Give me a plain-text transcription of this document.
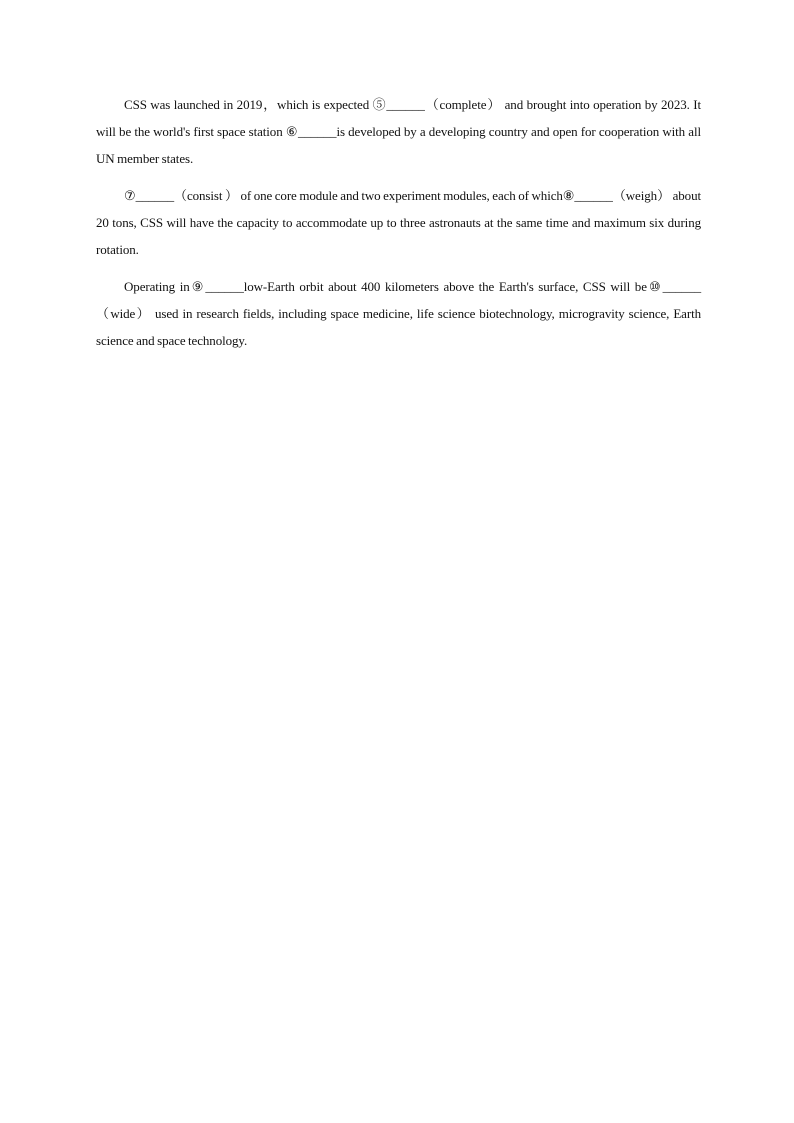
CSS was launched in 2019，which is expected ⑤______（complete） and brought into operation by 2023. It will be the world's first space station ⑥______is developed by a developing country and open for cooperation with all UN member states.

⑦______（consist ） of one core module and two experiment modules, each of which⑧______（weigh） about 20 tons, CSS will have the capacity to accommodate up to three astronauts at the same time and maximum six during rotation.

Operating in⑨______low-Earth orbit about 400 kilometers above the Earth's surface, CSS will be⑩______（wide） used in research fields, including space medicine, life science biotechnology, microgravity science, Earth science and space technology.
